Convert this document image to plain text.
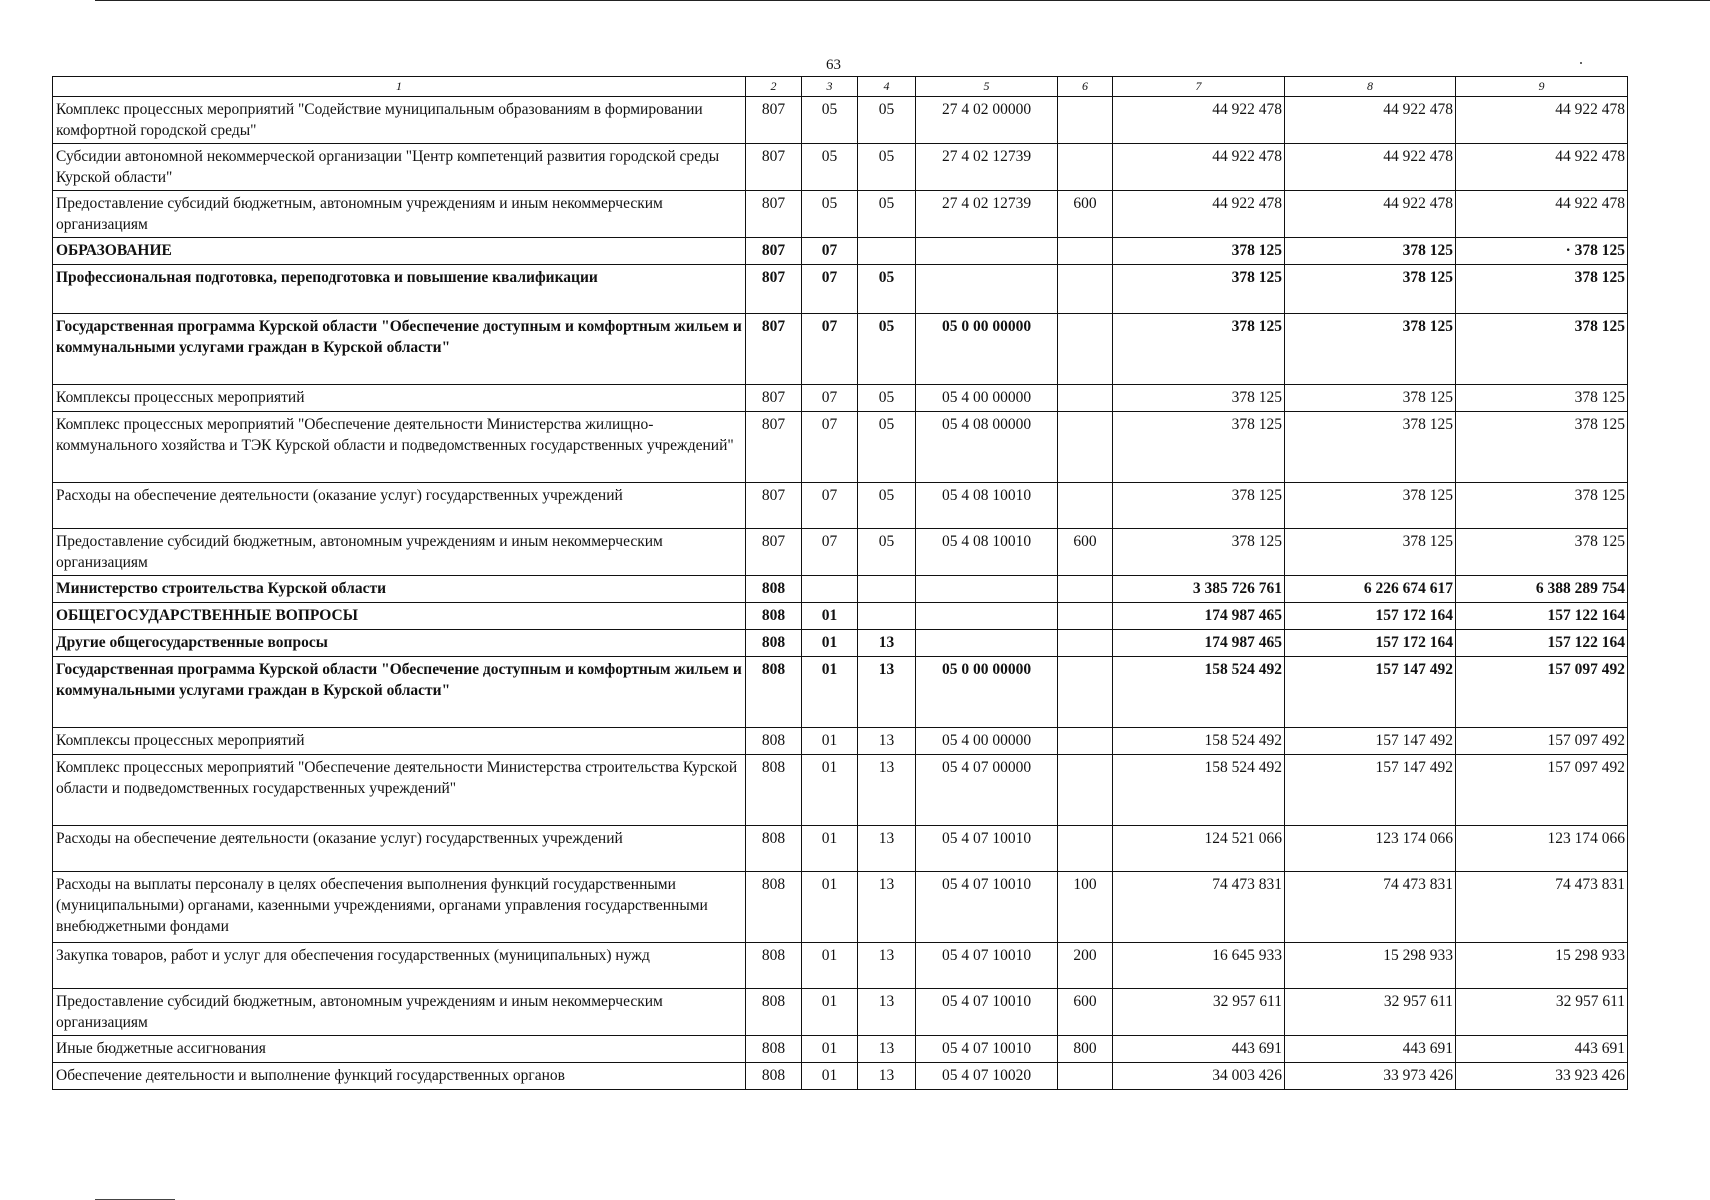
63
1	2	3	4	5	6	7	8	9
Комплекс процессных мероприятий "Содействие муниципальным образованиям в формировании комфортной городской среды"	807	05	05	27 4 02 00000		44 922 478	44 922 478	44 922 478
Субсидии автономной некоммерческой организации "Центр компетенций развития городской среды Курской области"	807	05	05	27 4 02 12739		44 922 478	44 922 478	44 922 478
Предоставление субсидий бюджетным, автономным учреждениям и иным некоммерческим организациям	807	05	05	27 4 02 12739	600	44 922 478	44 922 478	44 922 478
ОБРАЗОВАНИЕ	807	07				378 125	378 125	· 378 125
Профессиональная подготовка, переподготовка и повышение квалификации	807	07	05			378 125	378 125	378 125
Государственная программа Курской области "Обеспечение доступным и комфортным жильем и коммунальными услугами граждан в Курской области"	807	07	05	05 0 00 00000		378 125	378 125	378 125
Комплексы процессных мероприятий	807	07	05	05 4 00 00000		378 125	378 125	378 125
Комплекс процессных мероприятий "Обеспечение деятельности Министерства жилищно-коммунального хозяйства и ТЭК Курской области и подведомственных государственных учреждений"	807	07	05	05 4 08 00000		378 125	378 125	378 125
Расходы на обеспечение деятельности (оказание услуг) государственных учреждений	807	07	05	05 4 08 10010		378 125	378 125	378 125
Предоставление субсидий бюджетным, автономным учреждениям и иным некоммерческим организациям	807	07	05	05 4 08 10010	600	378 125	378 125	378 125
Министерство строительства Курской области	808					3 385 726 761	6 226 674 617	6 388 289 754
ОБЩЕГОСУДАРСТВЕННЫЕ ВОПРОСЫ	808	01				174 987 465	157 172 164	157 122 164
Другие общегосударственные вопросы	808	01	13			174 987 465	157 172 164	157 122 164
Государственная программа Курской области "Обеспечение доступным и комфортным жильем и коммунальными услугами граждан в Курской области"	808	01	13	05 0 00 00000		158 524 492	157 147 492	157 097 492
Комплексы процессных мероприятий	808	01	13	05 4 00 00000		158 524 492	157 147 492	157 097 492
Комплекс процессных мероприятий "Обеспечение деятельности Министерства строительства Курской области и подведомственных государственных учреждений"	808	01	13	05 4 07 00000		158 524 492	157 147 492	157 097 492
Расходы на обеспечение деятельности (оказание услуг) государственных учреждений	808	01	13	05 4 07 10010		124 521 066	123 174 066	123 174 066
Расходы на выплаты персоналу в целях обеспечения выполнения функций государственными (муниципальными) органами, казенными учреждениями, органами управления государственными внебюджетными фондами	808	01	13	05 4 07 10010	100	74 473 831	74 473 831	74 473 831
Закупка товаров, работ и услуг для обеспечения государственных (муниципальных) нужд	808	01	13	05 4 07 10010	200	16 645 933	15 298 933	15 298 933
Предоставление субсидий бюджетным, автономным учреждениям и иным некоммерческим организациям	808	01	13	05 4 07 10010	600	32 957 611	32 957 611	32 957 611
Иные бюджетные ассигнования	808	01	13	05 4 07 10010	800	443 691	443 691	443 691
Обеспечение деятельности и выполнение функций государственных органов	808	01	13	05 4 07 10020		34 003 426	33 973 426	33 923 426
